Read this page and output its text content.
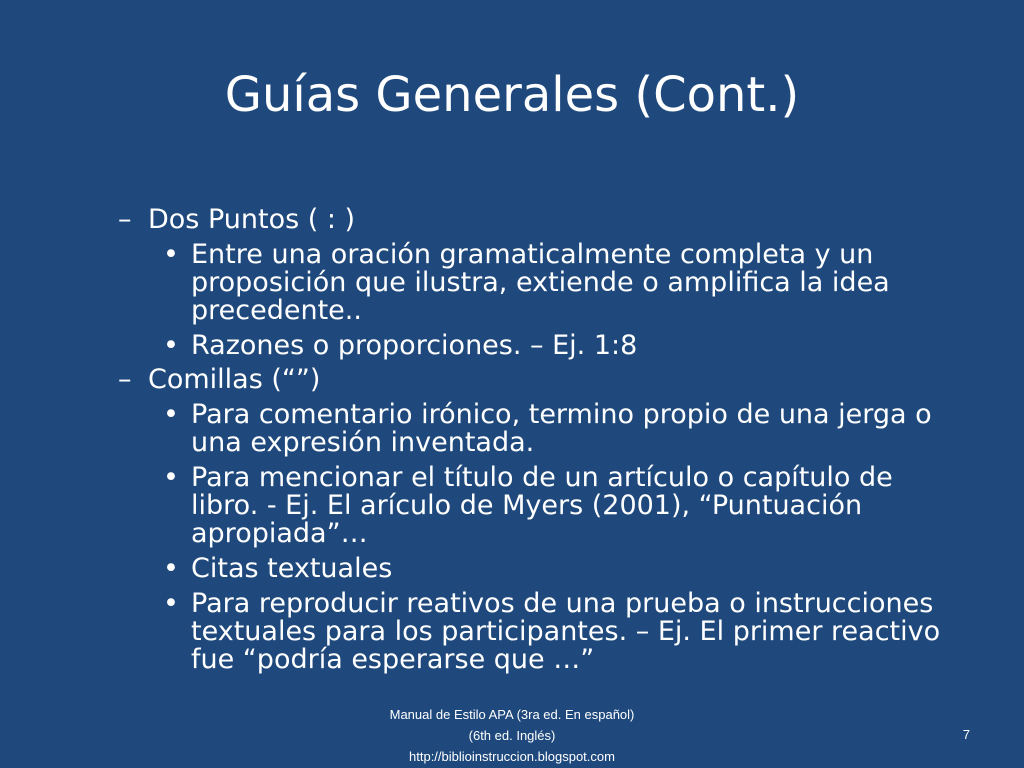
Guías Generales (Cont.)
– Dos Puntos ( : )
• Entre una oración gramaticalmente completa y un proposición que ilustra, extiende o amplifica la idea precedente..
• Razones o proporciones. – Ej. 1:8
– Comillas (“”)
• Para comentario irónico, termino propio de una jerga o una expresión inventada.
• Para mencionar el título de un artículo o capítulo de libro. - Ej. El arículo de Myers (2001), “Puntuación apropiada”…
• Citas textuales
• Para reproducir reativos de una prueba o instrucciones textuales para los participantes. – Ej. El primer reactivo fue “podría esperarse que …”
Manual de Estilo APA (3ra ed. En español)
(6th ed. Inglés)
http://biblioinstruccion.blogspot.com
7
